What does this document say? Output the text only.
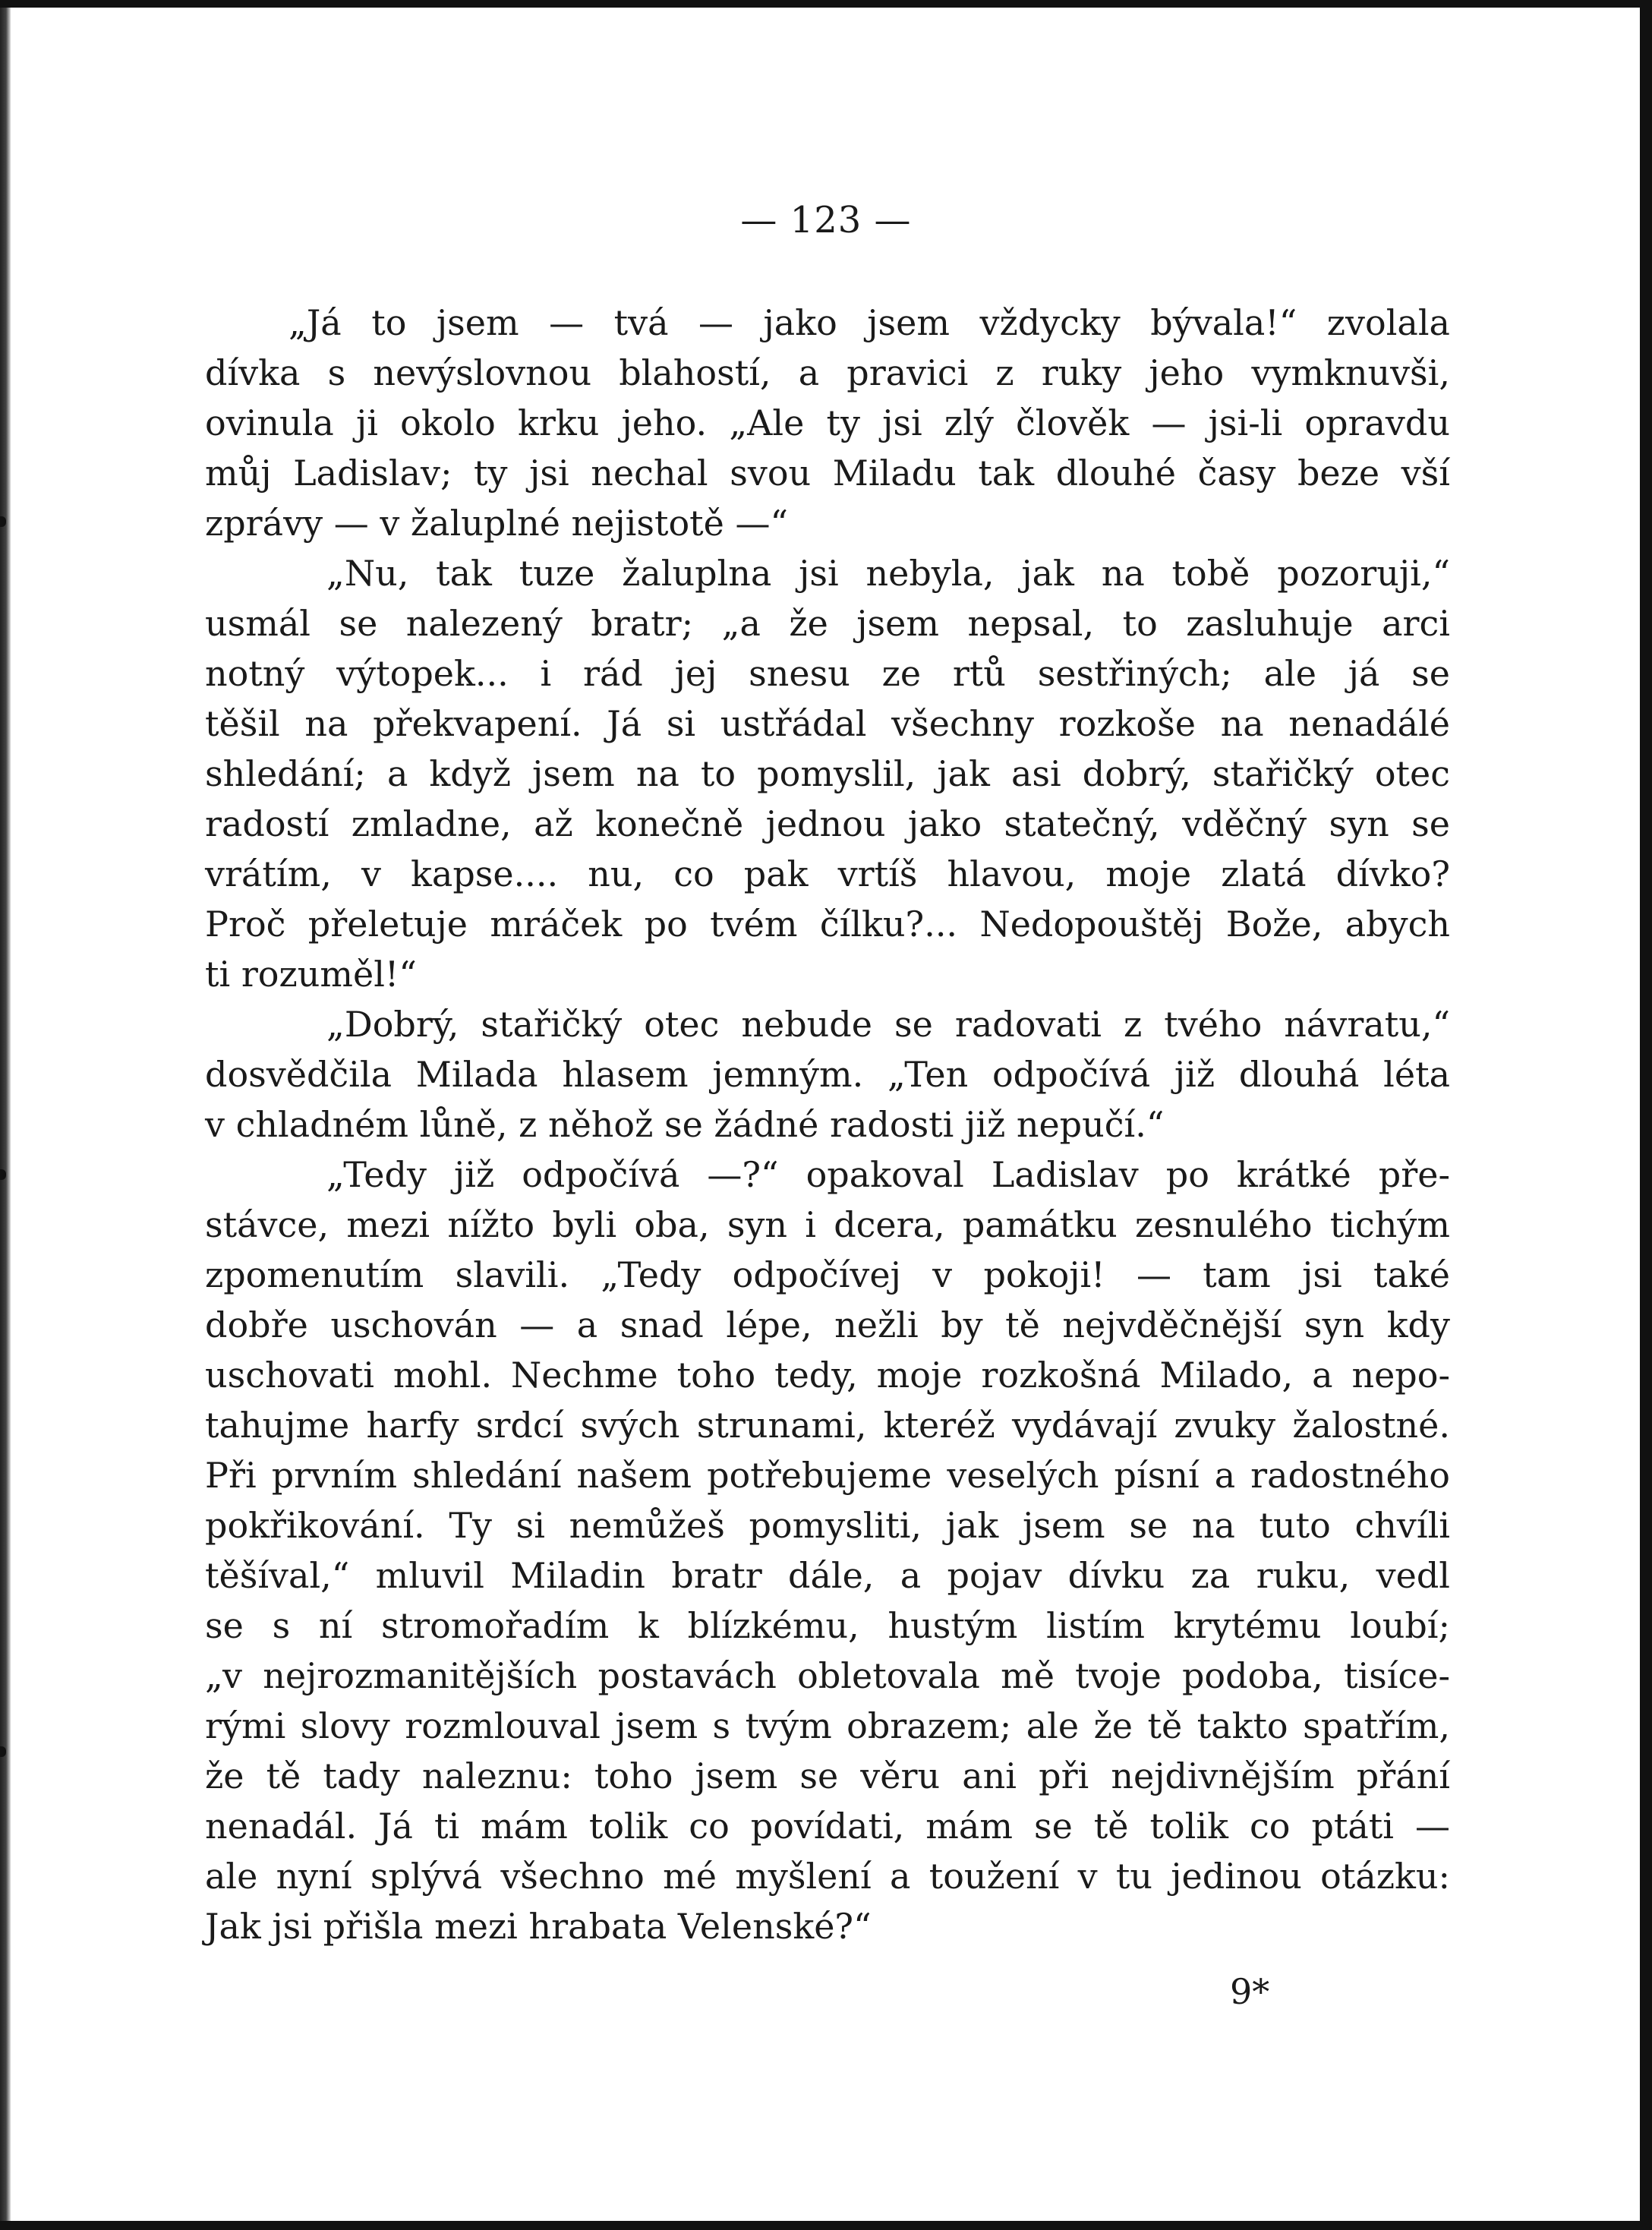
— 123 —
„Já to jsem — tvá — jako jsem vždycky bývala!“ zvolala
dívka s nevýslovnou blahostí, a pravici z ruky jeho vymknuvši,
ovinula ji okolo krku jeho. „Ale ty jsi zlý člověk — jsi-li opravdu
můj Ladislav; ty jsi nechal svou Miladu tak dlouhé časy beze vší
zprávy — v žaluplné nejistotě —“
„Nu, tak tuze žaluplna jsi nebyla, jak na tobě pozoruji,“
usmál se nalezený bratr; „a že jsem nepsal, to zasluhuje arci
notný výtopek... i rád jej snesu ze rtů sestřiných; ale já se
těšil na překvapení. Já si ustřádal všechny rozkoše na nenadálé
shledání; a když jsem na to pomyslil, jak asi dobrý, stařičký otec
radostí zmladne, až konečně jednou jako statečný, vděčný syn se
vrátím, v kapse.... nu, co pak vrtíš hlavou, moje zlatá dívko?
Proč přeletuje mráček po tvém čílku?... Nedopouštěj Bože, abych
ti rozuměl!“
„Dobrý, stařičký otec nebude se radovati z tvého návratu,“
dosvědčila Milada hlasem jemným. „Ten odpočívá již dlouhá léta
v chladném lůně, z něhož se žádné radosti již nepučí.“
„Tedy již odpočívá —?“ opakoval Ladislav po krátké pře-
stávce, mezi nížto byli oba, syn i dcera, památku zesnulého tichým
zpomenutím slavili. „Tedy odpočívej v pokoji! — tam jsi také
dobře uschován — a snad lépe, nežli by tě nejvděčnější syn kdy
uschovati mohl. Nechme toho tedy, moje rozkošná Milado, a nepo-
tahujme harfy srdcí svých strunami, kteréž vydávají zvuky žalostné.
Při prvním shledání našem potřebujeme veselých písní a radostného
pokřikování. Ty si nemůžeš pomysliti, jak jsem se na tuto chvíli
těšíval,“ mluvil Miladin bratr dále, a pojav dívku za ruku, vedl
se s ní stromořadím k blízkému, hustým listím krytému loubí;
„v nejrozmanitějších postavách obletovala mě tvoje podoba, tisíce-
rými slovy rozmlouval jsem s tvým obrazem; ale že tě takto spatřím,
že tě tady naleznu: toho jsem se věru ani při nejdivnějším přání
nenadál. Já ti mám tolik co povídati, mám se tě tolik co ptáti —
ale nyní splývá všechno mé myšlení a toužení v tu jedinou otázku:
Jak jsi přišla mezi hrabata Velenské?“
9*
